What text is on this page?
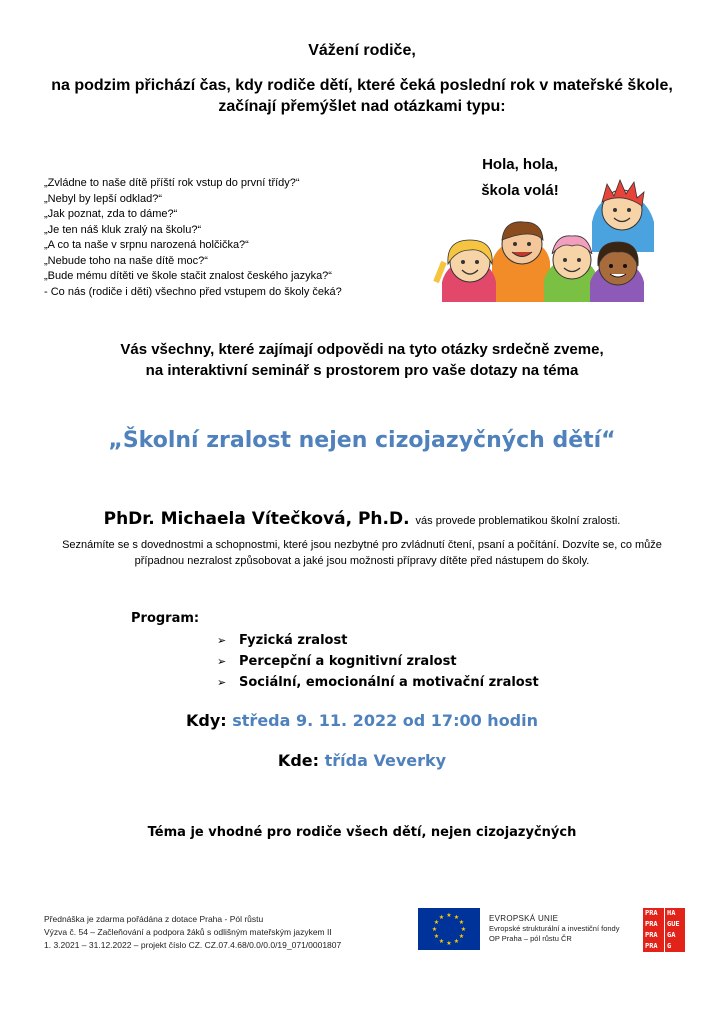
Vážení rodiče,
na podzim přichází čas, kdy rodiče dětí, které čeká poslední rok v mateřské škole, začínají přemýšlet nad otázkami typu:
„Zvládne to naše dítě příští rok vstup do první třídy?“
„Nebyl by lepší odklad?“
„Jak poznat, zda to dáme?“
„Je ten náš kluk zralý na školu?“
„A co ta naše v srpnu narozená holčička?“
„Nebude toho na naše dítě moc?“
„Bude mému dítěti ve škole stačit znalost českého jazyka?“
- Co nás (rodiče i děti) všechno před vstupem do školy čeká?
Hola, hola,
škola volá!
Vás všechny, které zajímají odpovědi na tyto otázky srdečně zveme,
na interaktivní seminář s prostorem pro vaše dotazy na téma
„Školní zralost nejen cizojazyčných dětí“
PhDr. Michaela Vítečková, Ph.D. vás provede problematikou školní zralosti.
Seznámíte se s dovednostmi a schopnostmi, které jsou nezbytné pro zvládnutí čtení, psaní a počítání. Dozvíte se, co může případnou nezralost způsobovat a jaké jsou možnosti přípravy dítěte před nástupem do školy.
Program:
➢ Fyzická zralost
➢ Percepční a kognitivní zralost
➢ Sociální, emocionální a motivační zralost
Kdy: středa 9. 11. 2022 od 17:00 hodin
Kde: třída Veverky
Téma je vhodné pro rodiče všech dětí, nejen cizojazyčných
Přednáška je zdarma pořádána z dotace Praha - Pól růstu
Výzva č. 54 – Začleňování a podpora žáků s odlišným mateřským jazykem II
1. 3.2021 – 31.12.2022 – projekt číslo CZ. CZ.07.4.68/0.0/0.0/19_071/0001807
★ ★
★
★
★
★
★
★
★
★
★
★	EVROPSKÁ UNIE
Evropské strukturální a investiční fondy
OP Praha – pól růstu ČR
PRA
PRA
PRA
PRA
HA
GUE
GA
G
